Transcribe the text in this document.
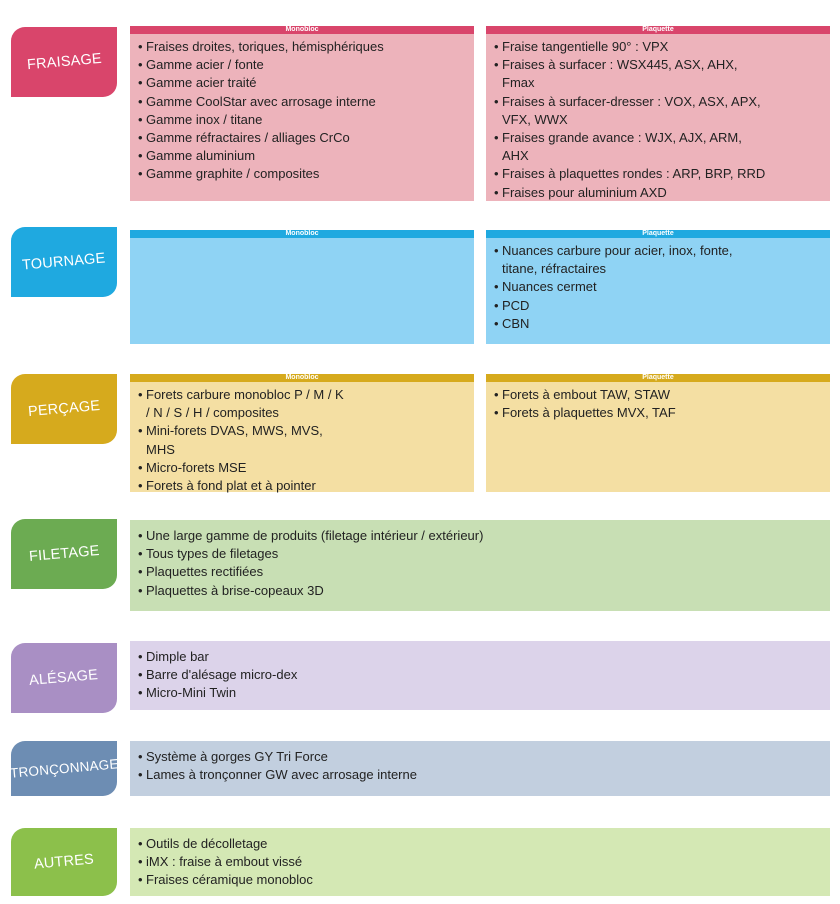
FRAISAGE
Monobloc
• Fraises droites, toriques, hémisphériques
• Gamme acier / fonte
• Gamme acier traité
• Gamme CoolStar avec arrosage interne
• Gamme inox / titane
• Gamme réfractaires / alliages CrCo
• Gamme aluminium
• Gamme graphite / composites
Plaquette
• Fraise tangentielle 90° : VPX
• Fraises à surfacer : WSX445, ASX, AHX, Fmax
• Fraises à surfacer-dresser : VOX, ASX, APX, VFX, WWX
• Fraises grande avance : WJX, AJX, ARM, AHX
• Fraises à plaquettes rondes : ARP, BRP, RRD
• Fraises pour aluminium AXD
TOURNAGE
Monobloc	Plaquette
• Nuances carbure pour acier, inox, fonte, titane, réfractaires
• Nuances cermet
• PCD
• CBN
PERÇAGE
Monobloc
• Forets carbure monobloc P / M / K / N / S / H / composites
• Mini-forets DVAS, MWS, MVS, MHS
• Micro-forets MSE
• Forets à fond plat et à pointer
Plaquette
• Forets à embout TAW, STAW
• Forets à plaquettes MVX, TAF
FILETAGE
• Une large gamme de produits (filetage intérieur / extérieur)
• Tous types de filetages
• Plaquettes rectifiées
• Plaquettes à brise-copeaux 3D
ALÉSAGE
• Dimple bar
• Barre d'alésage micro-dex
• Micro-Mini Twin
TRONÇONNAGE
•	Système à gorges GY Tri Force
• Lames à tronçonner GW avec arrosage interne
AUTRES
• Outils de décolletage
• iMX : fraise à embout vissé
• Fraises céramique monobloc
